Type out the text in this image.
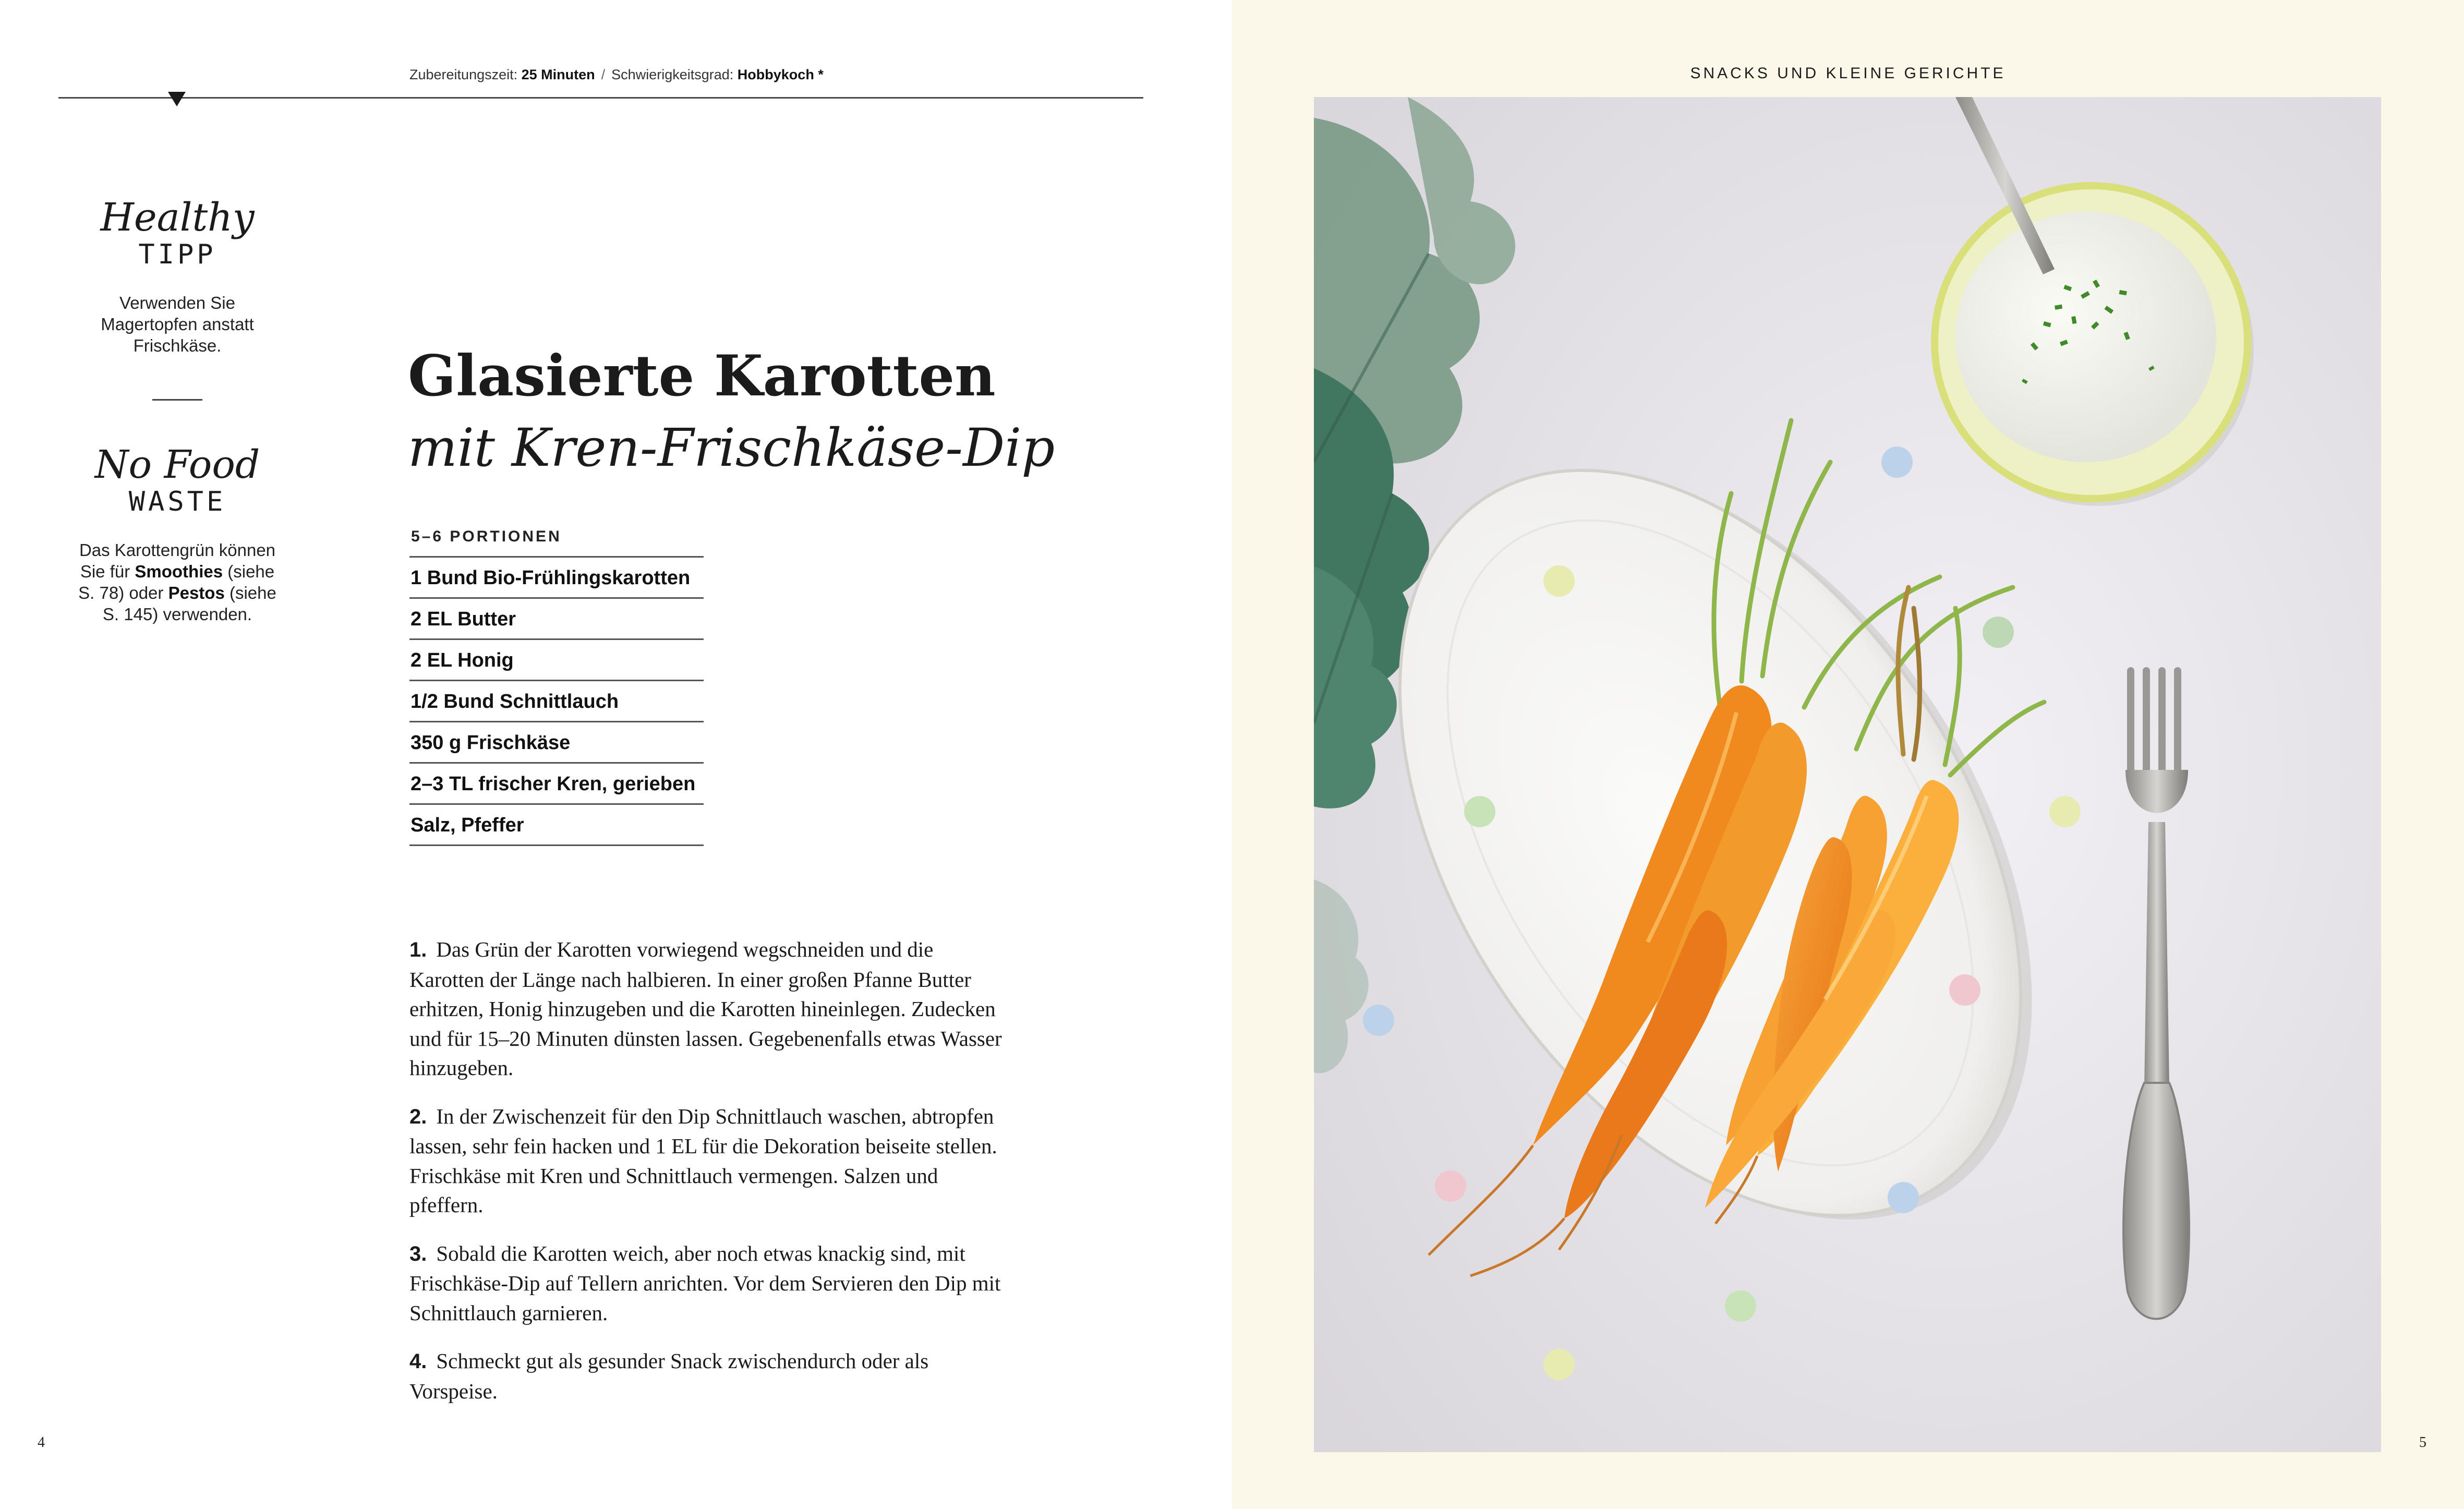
Zubereitungszeit: 25 Minuten / Schwierigkeitsgrad: Hobbykoch *
Healthy
TIPP
Verwenden Sie Magertopfen anstatt Frischkäse.
No Food
WASTE
Das Karottengrün können Sie für Smoothies (siehe S. 78) oder Pestos (siehe S. 145) verwenden.
Glasierte Karotten
mit Kren-Frischkäse-Dip
5–6 PORTIONEN
1 Bund Bio-Frühlingskarotten
2 EL Butter
2 EL Honig
1/2 Bund Schnittlauch
350 g Frischkäse
2–3 TL frischer Kren, gerieben
Salz, Pfeffer

1. Das Grün der Karotten vorwiegend wegschneiden und die Karotten der Länge nach halbieren. In einer großen Pfanne Butter erhitzen, Honig hinzugeben und die Karotten hineinlegen. Zudecken und für 15–20 Minuten dünsten lassen. Gegebenenfalls etwas Wasser hinzugeben.

2. In der Zwischenzeit für den Dip Schnittlauch waschen, abtropfen lassen, sehr fein hacken und 1 EL für die Dekoration beiseite stellen. Frischkäse mit Kren und Schnittlauch vermengen. Salzen und pfeffern.

3. Sobald die Karotten weich, aber noch etwas knackig sind, mit Frischkäse-Dip auf Tellern anrichten. Vor dem Servieren den Dip mit Schnittlauch garnieren.

4. Schmeckt gut als gesunder Snack zwischendurch oder als Vorspeise.

4
SNACKS UND KLEINE GERICHTE
5
